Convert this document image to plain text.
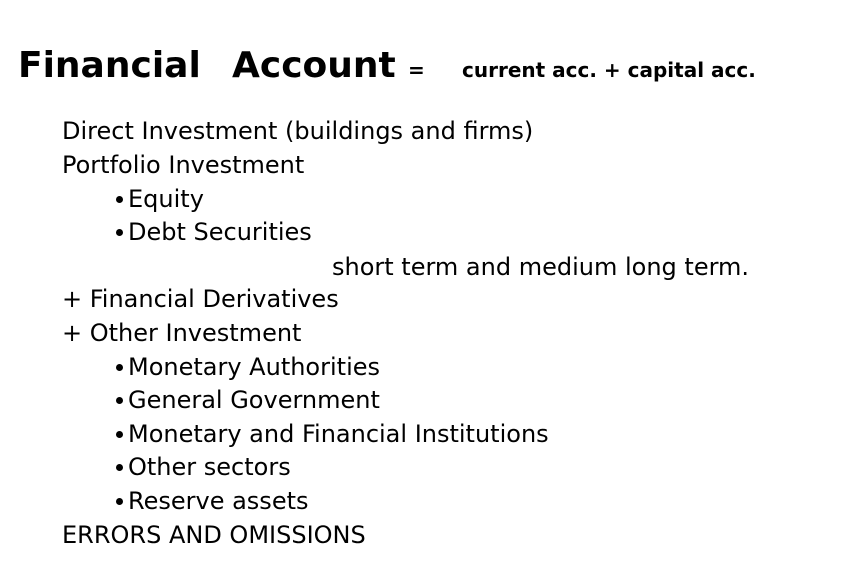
Financial Account = current acc. + capital acc.
Direct Investment (buildings and firms)
Portfolio Investment
Equity
Debt Securities
short term and medium long term.
+ Financial Derivatives
+ Other Investment
Monetary Authorities
General Government
Monetary and Financial Institutions
Other sectors
Reserve assets
ERRORS AND OMISSIONS
